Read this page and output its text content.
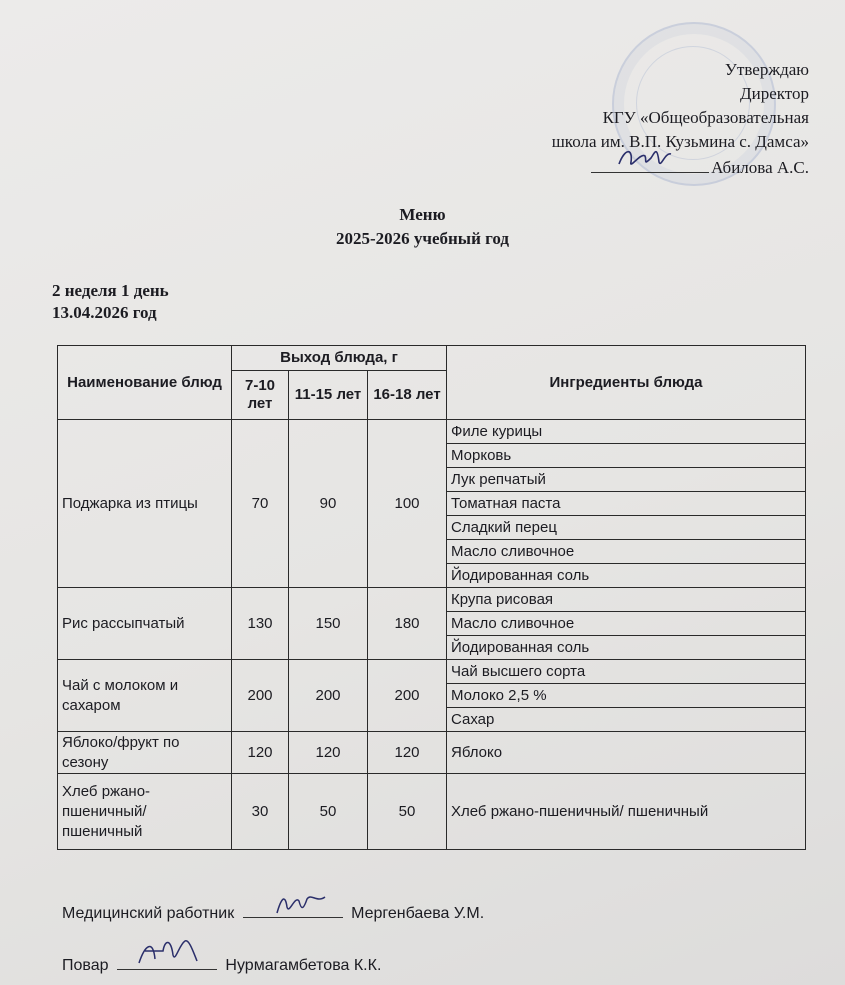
Утверждаю
Директор
КГУ «Общеобразовательная
школа им. В.П. Кузьмина с. Дамса»
Абилова А.С.
Меню
2025-2026 учебный год
2 неделя 1 день
13.04.2026 год
Наименование блюд	Выход блюда, г			Ингредиенты блюда
	7-10 лет	11-15 лет	16-18 лет	
Поджарка из птицы	70	90	100	Филе курицы
				Морковь
				Лук репчатый
				Томатная паста
				Сладкий перец
				Масло сливочное
				Йодированная соль
Рис рассыпчатый	130	150	180	Крупа рисовая
				Масло сливочное
				Йодированная соль
Чай с молоком и сахаром	200	200	200	Чай высшего сорта
				Молоко 2,5 %
				Сахар
Яблоко/фрукт по сезону	120	120	120	Яблоко
Хлеб ржано-пшеничный/ пшеничный	30	50	50	Хлеб ржано-пшеничный/ пшеничный
Медицинский работник	Мергенбаева У.М.
Повар	Нурмагамбетова К.К.
